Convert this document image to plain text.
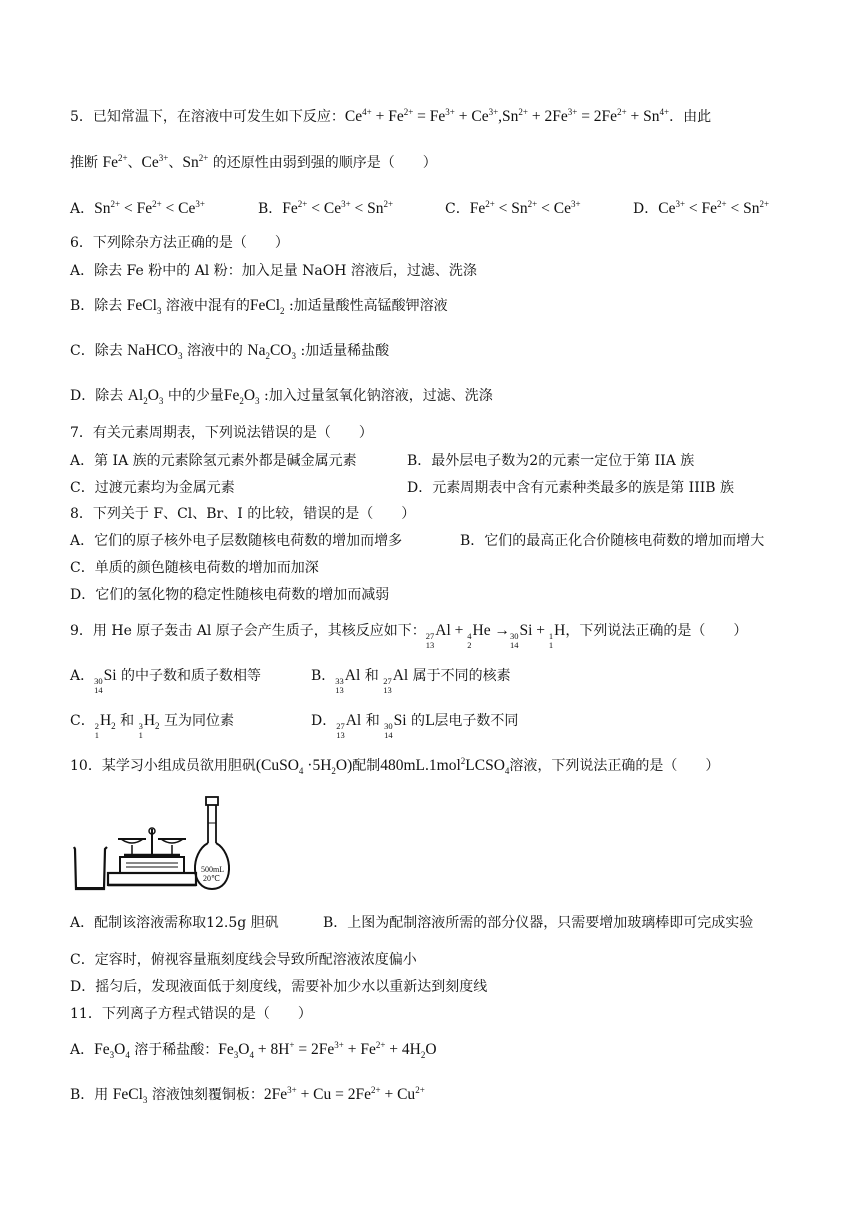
5．已知常温下，在溶液中可发生如下反应：$Ce^{4+} + Fe^{2+} = Fe^{3+} + Ce^{3+},Sn^{2+} + 2Fe^{3+} = 2Fe^{2+} + Sn^{4+}$．由此
推断 $Fe^{2+}$、$Ce^{3+}$、$Sn^{2+}$ 的还原性由弱到强的顺序是（　　）
A．$Sn^{2+} < Fe^{2+} < Ce^{3+}$	B．$Fe^{2+} < Ce^{3+} < Sn^{2+}$	C．$Fe^{2+} < Sn^{2+} < Ce^{3+}$	D．$Ce^{3+} < Fe^{2+} < Sn^{2+}$
6．下列除杂方法正确的是（　　）
A．除去 Fe 粉中的 Al 粉：加入足量 NaOH 溶液后，过滤、洗涤
B．除去 FeCl$_3$ 溶液中混有的FeCl$_2$ :加适量酸性高锰酸钾溶液
C．除去 NaHCO$_3$ 溶液中的 $Na_2CO_3$ :加适量稀盐酸
D．除去 $Al_2O_3$ 中的少量$Fe_2O_3$ :加入过量氢氧化钠溶液，过滤、洗涤
7．有关元素周期表，下列说法错误的是（　　）
A．第 IA 族的元素除氢元素外都是碱金属元素	B．最外层电子数为2的元素一定位于第 IIA 族
C．过渡元素均为金属元素	D．元素周期表中含有元素种类最多的族是第 IIIB 族
8．下列关于 F、Cl、Br、I 的比较，错误的是（　　）
A．它们的原子核外电子层数随核电荷数的增加而增多	B．它们的最高正化合价随核电荷数的增加而增大
C．单质的颜色随核电荷数的增加而加深
D．它们的氢化物的稳定性随核电荷数的增加而减弱
9．用 He 原子轰击 Al 原子会产生质子，其核反应如下： 27
13
Al + 4
2
He → 30
14
Si + 1
1
H，下列说法正确的是（　　）
A． 30
14
Si 的中子数和质子数相等	B． 33
13
Al 和 27
13
Al 属于不同的核素
C． 2
1
$H_2$ 和 3
1
$H_2$ 互为同位素	D． 27
13
Al 和 30
14
Si 的L层电子数不同
10．某学习小组成员欲用胆矾(CuSO$_4$ $\cdot 5H_2O$)配制$480mL.1mol^2LCSO_4$溶液，下列说法正确的是（　　）
500mL
20℃
A．配制该溶液需称取12.5g 胆矾	B．上图为配制溶液所需的部分仪器，只需要增加玻璃棒即可完成实验
C．定容时，俯视容量瓶刻度线会导致所配溶液浓度偏小
D．摇匀后，发现液面低于刻度线，需要补加少水以重新达到刻度线
11．下列离子方程式错误的是（　　）
A．$Fe_3O_4$ 溶于稀盐酸：$Fe_3O_4 + 8H^+ = 2Fe^{3+} + Fe^{2+} + 4H_2O$
B．用 FeCl$_3$ 溶液蚀刻覆铜板：$2Fe^{3+} + Cu = 2Fe^{2+} + Cu^{2+}$
